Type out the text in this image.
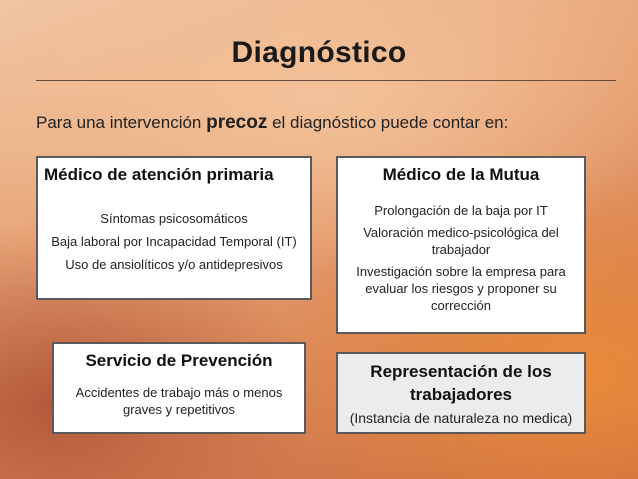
Diagnóstico
Para una intervención precoz el diagnóstico puede contar en:
Médico de atención primaria
Síntomas psicosomáticos
Baja laboral por Incapacidad Temporal (IT)
Uso de ansiolíticos y/o antidepresivos
Médico de la Mutua
Prolongación de la baja por IT
Valoración medico-psicológica del trabajador
Investigación sobre la empresa para evaluar los riesgos y proponer su corrección
Servicio de Prevención
Accidentes de trabajo más o menos graves y repetitivos
Representación de los trabajadores
(Instancia de naturaleza no medica)
